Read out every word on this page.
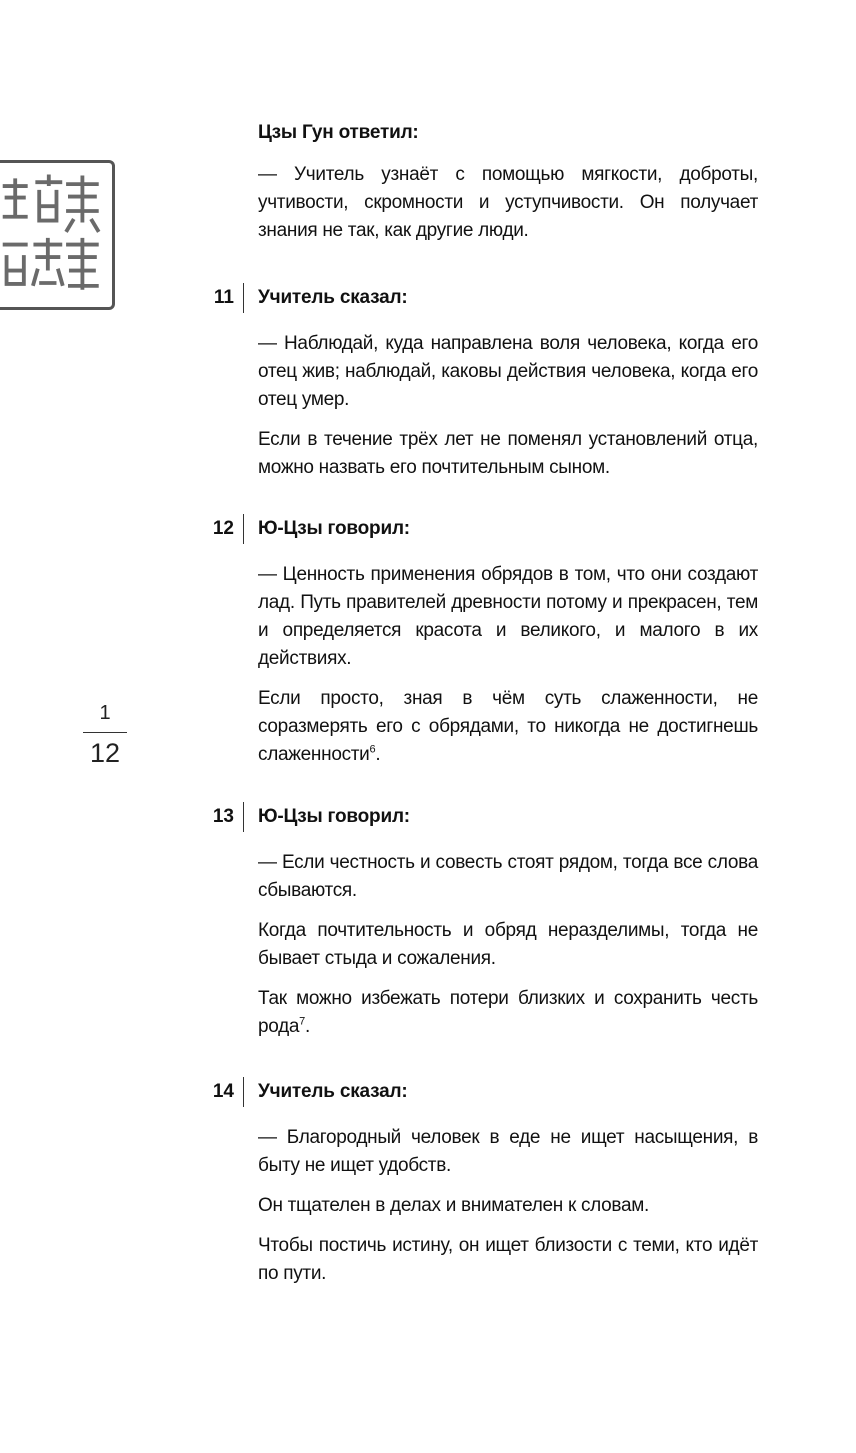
1
12
Цзы Гун ответил:

— Учитель узнаёт с помощью мягкости, доброты, учтивости, скромности и уступчивости. Он получает знания не так, как другие люди.

11 Учитель сказал:

— Наблюдай, куда направлена воля человека, когда его отец жив; наблюдай, каковы действия человека, когда его отец умер.

Если в течение трёх лет не поменял установлений отца, можно назвать его почтительным сыном.

12 Ю-Цзы говорил:

— Ценность применения обрядов в том, что они создают лад. Путь правителей древности потому и прекрасен, тем и определяется красота и великого, и малого в их действиях.

Если просто, зная в чём суть слаженности, не соразмерять его с обрядами, то никогда не достигнешь слаженности$^6$.

13 Ю-Цзы говорил:

— Если честность и совесть стоят рядом, тогда все слова сбываются.

Когда почтительность и обряд неразделимы, тогда не бывает стыда и сожаления.

Так можно избежать потери близких и сохранить честь рода$^7$.

14 Учитель сказал:

— Благородный человек в еде не ищет насыщения, в быту не ищет удобств.

Он тщателен в делах и внимателен к словам.

Чтобы постичь истину, он ищет близости с теми, кто идёт по пути.
